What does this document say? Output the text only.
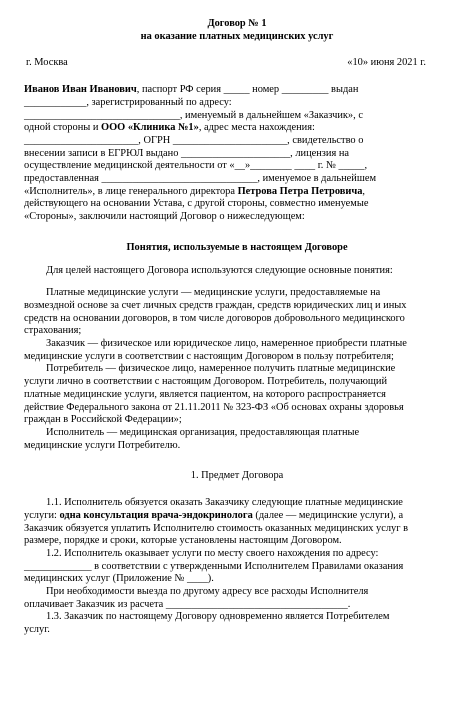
Договор № 1
на оказание платных медицинских услуг
г. Москва	«10» июня 2021 г.
Иванов Иван Иванович, паспорт РФ серия _____ номер _________ выдан
____________, зарегистрированный по адресу:
______________________________, именуемый в дальнейшем «Заказчик», с
одной стороны и ООО «Клиника №1», адрес места нахождения:
______________________, ОГРН ______________________, свидетельство о
внесении записи в ЕГРЮЛ выдано _____________________, лицензия на
осуществление медицинской деятельности от «__»________ ____ г. № _____,
предоставленная ______________________________, именуемое в дальнейшем
«Исполнитель», в лице генерального директора Петрова Петра Петровича,
действующего на основании Устава, с другой стороны, совместно именуемые
«Стороны», заключили настоящий Договор о нижеследующем:
Понятия, используемые в настоящем Договоре
Для целей настоящего Договора используются следующие основные понятия:
Платные медицинские услуги — медицинские услуги, предоставляемые на
возмездной основе за счет личных средств граждан, средств юридических лиц и иных
средств на основании договоров, в том числе договоров добровольного медицинского
страхования;
Заказчик — физическое или юридическое лицо, намеренное приобрести платные
медицинские услуги в соответствии с настоящим Договором в пользу потребителя;
Потребитель — физическое лицо, намеренное получить платные медицинские
услуги лично в соответствии с настоящим Договором. Потребитель, получающий
платные медицинские услуги, является пациентом, на которого распространяется
действие Федерального закона от 21.11.2011 № 323-ФЗ «Об основах охраны здоровья
граждан в Российской Федерации»;
Исполнитель — медицинская организация, предоставляющая платные
медицинские услуги Потребителю.
1. Предмет Договора
1.1. Исполнитель обязуется оказать Заказчику следующие платные медицинские
услуги: одна консультация врача-эндокринолога (далее — медицинские услуги), а
Заказчик обязуется уплатить Исполнителю стоимость оказанных медицинских услуг в
размере, порядке и сроки, которые установлены настоящим Договором.
1.2. Исполнитель оказывает услуги по месту своего нахождения по адресу:
_____________ в соответствии с утвержденными Исполнителем Правилами оказания
медицинских услуг (Приложение № ____).
При необходимости выезда по другому адресу все расходы Исполнителя
оплачивает Заказчик из расчета ___________________________________.
1.3. Заказчик по настоящему Договору одновременно является Потребителем
услуг.
